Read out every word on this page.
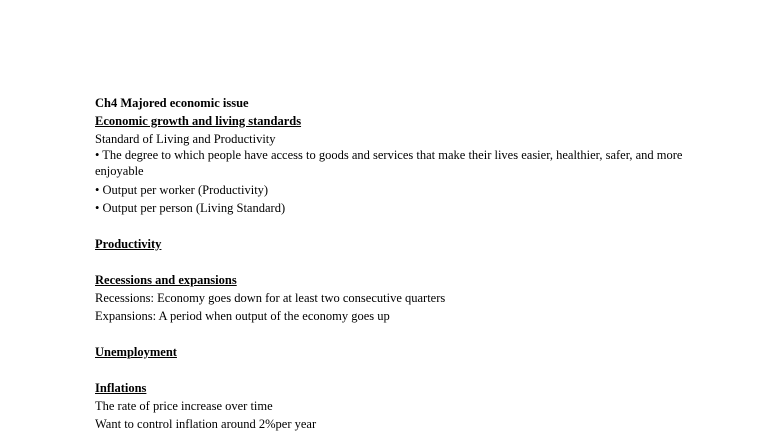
Ch4 Majored economic issue
Economic growth and living standards
Standard of Living and Productivity
• The degree to which people have access to goods and services that make their lives easier, healthier, safer, and more enjoyable
• Output per worker (Productivity)
• Output per person (Living Standard)
Productivity
Recessions and expansions
Recessions: Economy goes down for at least two consecutive quarters
Expansions: A period when output of the economy goes up
Unemployment
Inflations
The rate of price increase over time
Want to control inflation around 2%per year
